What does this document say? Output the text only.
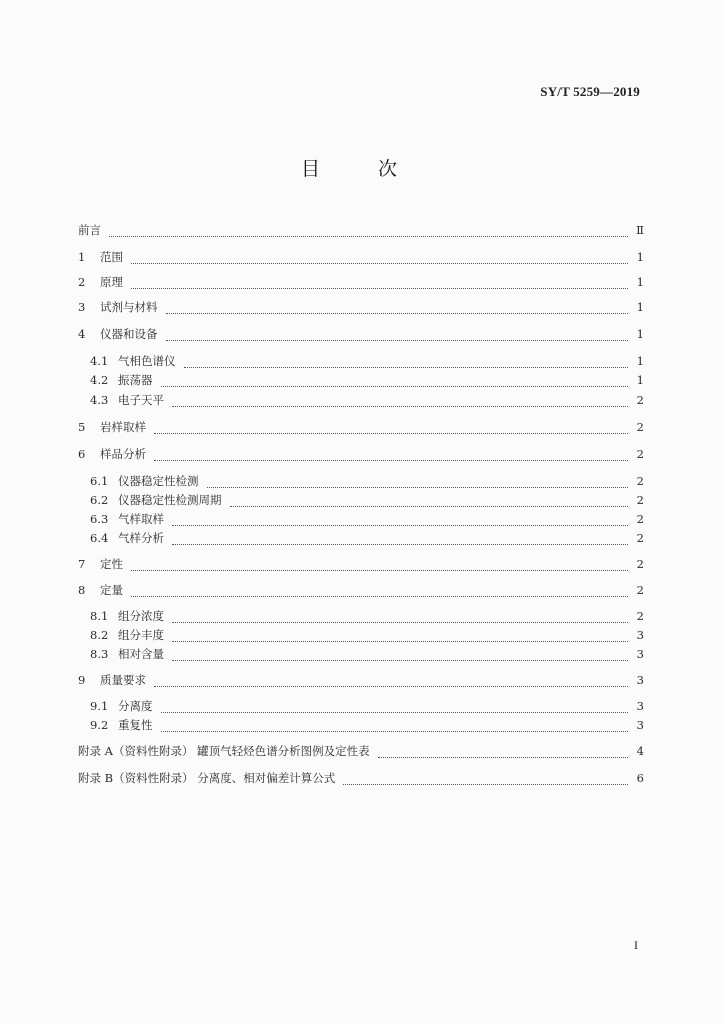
SY/T 5259—2019
目 次
前言	Ⅱ
1	范围	1
2	原理	1
3	试剂与材料	1
4	仪器和设备	1
4.1 气相色谱仪	1
4.2 振荡器	1
4.3 电子天平	2
5	岩样取样	2
6	样品分析	2
6.1 仪器稳定性检测	2
6.2 仪器稳定性检测周期	2
6.3 气样取样	2
6.4 气样分析	2
7	定性	2
8	定量	2
8.1 组分浓度	2
8.2 组分丰度	3
8.3 相对含量	3
9	质量要求	3
9.1 分离度	3
9.2 重复性	3
附录 A（资料性附录） 罐顶气轻烃色谱分析图例及定性表	4
附录 B（资料性附录） 分离度、相对偏差计算公式	6
I
